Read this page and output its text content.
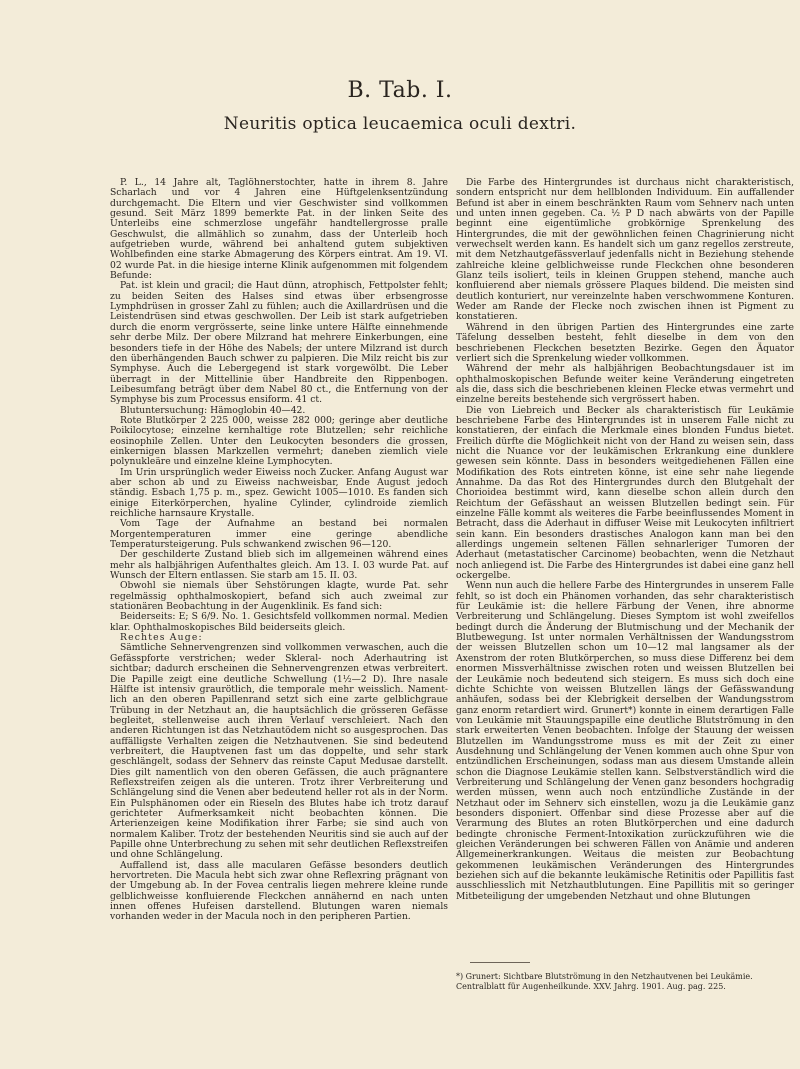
B. Tab. I.
Neuritis optica leucaemica oculi dextri.

P. L., 14 Jahre alt, Taglöhnerstochter, hatte in ihrem 8. Jahre Scharlach und vor 4 Jahren eine Hüftgelenksentzündung durchgemacht. Die Eltern und vier Geschwister sind vollkommen gesund. Seit März 1899 bemerkte Pat. in der linken Seite des Unterleibs eine schmerzlose ungefähr handtellergrosse pralle Geschwulst, die allmählich so zunahm, dass der Unterleib hoch aufgetrieben wurde, während bei anhaltend gutem subjektiven Wohlbefinden eine starke Abmagerung des Körpers eintrat. Am 19. VI. 02 wurde Pat. in die hiesige interne Klinik aufgenommen mit folgendem Befunde:

Pat. ist klein und gracil; die Haut dünn, atrophisch, Fettpolster fehlt; zu beiden Seiten des Halses sind etwas über erbsengrosse Lymphdrüsen in grosser Zahl zu fühlen; auch die Axillardrüsen und die Leistendrüsen sind etwas geschwollen. Der Leib ist stark aufgetrieben durch die enorm vergrösserte, seine linke untere Hälfte einnehmende sehr derbe Milz. Der obere Milzrand hat mehrere Einkerbungen, eine besonders tiefe in der Höhe des Nabels; der untere Milzrand ist durch den überhängenden Bauch schwer zu palpieren. Die Milz reicht bis zur Symphyse. Auch die Lebergegend ist stark vorgewölbt. Die Leber überragt in der Mittellinie über Handbreite den Rippenbogen. Leibesumfang beträgt über dem Nabel 80 ct., die Entfernung von der Symphyse bis zum Processus ensiform. 41 ct.

Blutuntersuchung: Hämoglobin 40—42.

Rote Blutkörper 2 225 000, weisse 282 000; geringe aber deutliche Poikilocytose; einzelne kernhaltige rote Blutzellen; sehr reichliche eosinophile Zellen. Unter den Leukocyten besonders die grossen, einkernigen blassen Markzellen vermehrt; daneben ziemlich viele polynukleäre und einzelne kleine Lymphocyten.

Im Urin ursprünglich weder Eiweiss noch Zucker. Anfang August war aber schon ab und zu Eiweiss nachweisbar, Ende August jedoch ständig. Esbach 1,75 p. m., spez. Gewicht 1005—1010. Es fanden sich einige Eiterkörperchen, hyaline Cylinder, cylindroide ziemlich reichliche harnsaure Krystalle.

Vom Tage der Aufnahme an bestand bei normalen Morgentemperaturen immer eine geringe abendliche Temperatursteigerung. Puls schwankend zwischen 96—120.

Der geschilderte Zustand blieb sich im allgemeinen während eines mehr als halbjährigen Aufenthaltes gleich. Am 13. I. 03 wurde Pat. auf Wunsch der Eltern entlassen. Sie starb am 15. II. 03.

Obwohl sie niemals über Sehstörungen klagte, wurde Pat. sehr regelmässig ophthalmoskopiert, befand sich auch zweimal zur stationären Beobachtung in der Augenklinik. Es fand sich:

Beiderseits: E; S 6/9. No. 1. Gesichtsfeld vollkommen normal. Medien klar. Ophthalmoskopisches Bild beiderseits gleich.

Rechtes Auge:

Sämtliche Sehnervengrenzen sind vollkommen verwaschen, auch die Gefässpforte verstrichen; weder Skleral- noch Aderhautring ist sichtbar; dadurch erscheinen die Sehnervengrenzen etwas verbreitert. Die Papille zeigt eine deutliche Schwellung (1½—2 D). Ihre nasale Hälfte ist intensiv graurötlich, die temporale mehr weisslich. Namentlich an den oberen Papillenrand setzt sich eine zarte gelblichgraue Trübung in der Netzhaut an, die hauptsächlich die grösseren Gefässe begleitet, stellenweise auch ihren Verlauf verschleiert. Nach den anderen Richtungen ist das Netzhautödem nicht so ausgesprochen. Das auffälligste Verhalten zeigen die Netzhautvenen. Sie sind bedeutend verbreitert, die Hauptvenen fast um das doppelte, und sehr stark geschlängelt, sodass der Sehnerv das reinste Caput Medusae darstellt. Dies gilt namentlich von den oberen Gefässen, die auch prägnantere Reflexstreifen zeigen als die unteren. Trotz ihrer Verbreiterung und Schlängelung sind die Venen aber bedeutend heller rot als in der Norm. Ein Pulsphänomen oder ein Rieseln des Blutes habe ich trotz darauf gerichteter Aufmerksamkeit nicht beobachten können. Die Arterienzeigen keine Modifikation ihrer Farbe; sie sind auch von normalem Kaliber. Trotz der bestehenden Neuritis sind sie auch auf der Papille ohne Unterbrechung zu sehen mit sehr deutlichen Reflexstreifen und ohne Schlängelung.

Auffallend ist, dass alle macularen Gefässe besonders deutlich hervortreten. Die Macula hebt sich zwar ohne Reflexring prägnant von der Umgebung ab. In der Fovea centralis liegen mehrere kleine runde gelblichweisse konfluierende Fleckchen annähernd en nach unten innen offenes Hufeisen darstellend. Blutungen waren niemals vorhanden weder in der Macula noch in den peripheren Partien.

Die Farbe des Hintergrundes ist durchaus nicht charakteristisch, sondern entspricht nur dem hellblonden Individuum. Ein auffallender Befund ist aber in einem beschränkten Raum vom Sehnerv nach unten und unten innen gegeben. Ca. ½ P D nach abwärts von der Papille beginnt eine eigentümliche grobkörnige Sprenkelung des Hintergrundes, die mit der gewöhnlichen feinen Chagrinierung nicht verwechselt werden kann. Es handelt sich um ganz regellos zerstreute, mit dem Netzhautgefässverlauf jedenfalls nicht in Beziehung stehende zahlreiche kleine gelblichweisse runde Fleckchen ohne besonderen Glanz teils isoliert, teils in kleinen Gruppen stehend, manche auch konfluierend aber niemals grössere Plaques bildend. Die meisten sind deutlich konturiert, nur vereinzelnte haben verschwommene Konturen. Weder am Rande der Flecke noch zwischen ihnen ist Pigment zu konstatieren.

Während in den übrigen Partien des Hintergrundes eine zarte Täfelung desselben besteht, fehlt dieselbe in dem von den beschriebenen Fleckchen besetzten Bezirke. Gegen den Äquator verliert sich die Sprenkelung wieder vollkommen.

Während der mehr als halbjährigen Beobachtungsdauer ist im ophthalmoskopischen Befunde weiter keine Veränderung eingetreten als die, dass sich die beschriebenen kleinen Flecke etwas vermehrt und einzelne bereits bestehende sich vergrössert haben.

Die von Liebreich und Becker als charakteristisch für Leukämie beschriebene Farbe des Hintergrundes ist in unserem Falle nicht zu konstatieren, der einfach die Merkmale eines blonden Fundus bietet. Freilich dürfte die Möglichkeit nicht von der Hand zu weisen sein, dass nicht die Nuance vor der leukämischen Erkrankung eine dunklere gewesen sein könnte. Dass in besonders weitgediehenen Fällen eine Modifikation des Rots eintreten könne, ist eine sehr nahe liegende Annahme. Da das Rot des Hintergrundes durch den Blutgehalt der Chorioidea bestimmt wird, kann dieselbe schon allein durch den Reichtum der Gefässhaut an weissen Blutzellen bedingt sein. Für einzelne Fälle kommt als weiteres die Farbe beeinflussendes Moment in Betracht, dass die Aderhaut in diffuser Weise mit Leukocyten infiltriert sein kann. Ein besonders drastisches Analogon kann man bei den allerdings ungemein seltenen Fällen sehnarleriger Tumoren der Aderhaut (metastatischer Carcinome) beobachten, wenn die Netzhaut noch anliegend ist. Die Farbe des Hintergrundes ist dabei eine ganz hell ockergelbe.

Wenn nun auch die hellere Farbe des Hintergrundes in unserem Falle fehlt, so ist doch ein Phänomen vorhanden, das sehr charakteristisch für Leukämie ist: die hellere Färbung der Venen, ihre abnorme Verbreiterung und Schlängelung. Dieses Symptom ist wohl zweifellos bedingt durch die Änderung der Blutmischung und der Mechanik der Blutbewegung. Ist unter normalen Verhältnissen der Wandungsstrom der weissen Blutzellen schon um 10—12 mal langsamer als der Axenstrom der roten Blutkörperchen, so muss diese Differenz bei dem enormen Missverhältnisse zwischen roten und weissen Blutzellen bei der Leukämie noch bedeutend sich steigern. Es muss sich doch eine dichte Schichte von weissen Blutzellen längs der Gefässwandung anhäufen, sodass bei der Klebrigkeit derselben der Wandungsstrom ganz enorm retardiert wird. Grunert*) konnte in einem derartigen Falle von Leukämie mit Stauungspapille eine deutliche Blutströmung in den stark erweiterten Venen beobachten. Infolge der Stauung der weissen Blutzellen im Wandungsstrome muss es mit der Zeit zu einer Ausdehnung und Schlängelung der Venen kommen auch ohne Spur von entzündlichen Erscheinungen, sodass man aus diesem Umstande allein schon die Diagnose Leukämie stellen kann. Selbstverständlich wird die Verbreiterung und Schlängelung der Venen ganz besonders hochgradig werden müssen, wenn auch noch entzündliche Zustände in der Netzhaut oder im Sehnerv sich einstellen, wozu ja die Leukämie ganz besonders disponiert. Offenbar sind diese Prozesse aber auf die Verarmung des Blutes an roten Blutkörperchen und eine dadurch bedingte chronische Ferment-Intoxikation zurückzuführen wie die gleichen Veränderungen bei schweren Fällen von Anämie und anderen Allgemeinerkrankungen. Weitaus die meisten zur Beobachtung gekommenen leukämischen Veränderungen des Hintergrundes beziehen sich auf die bekannte leukämische Retinitis oder Papillitis fast ausschliesslich mit Netzhautblutungen. Eine Papillitis mit so geringer Mitbeteiligung der umgebenden Netzhaut und ohne Blutungen

*) Grunert: Sichtbare Blutströmung in den Netzhautvenen bei Leukämie.
Centralblatt für Augenheilkunde. XXV. Jahrg. 1901. Aug. pag. 225.
